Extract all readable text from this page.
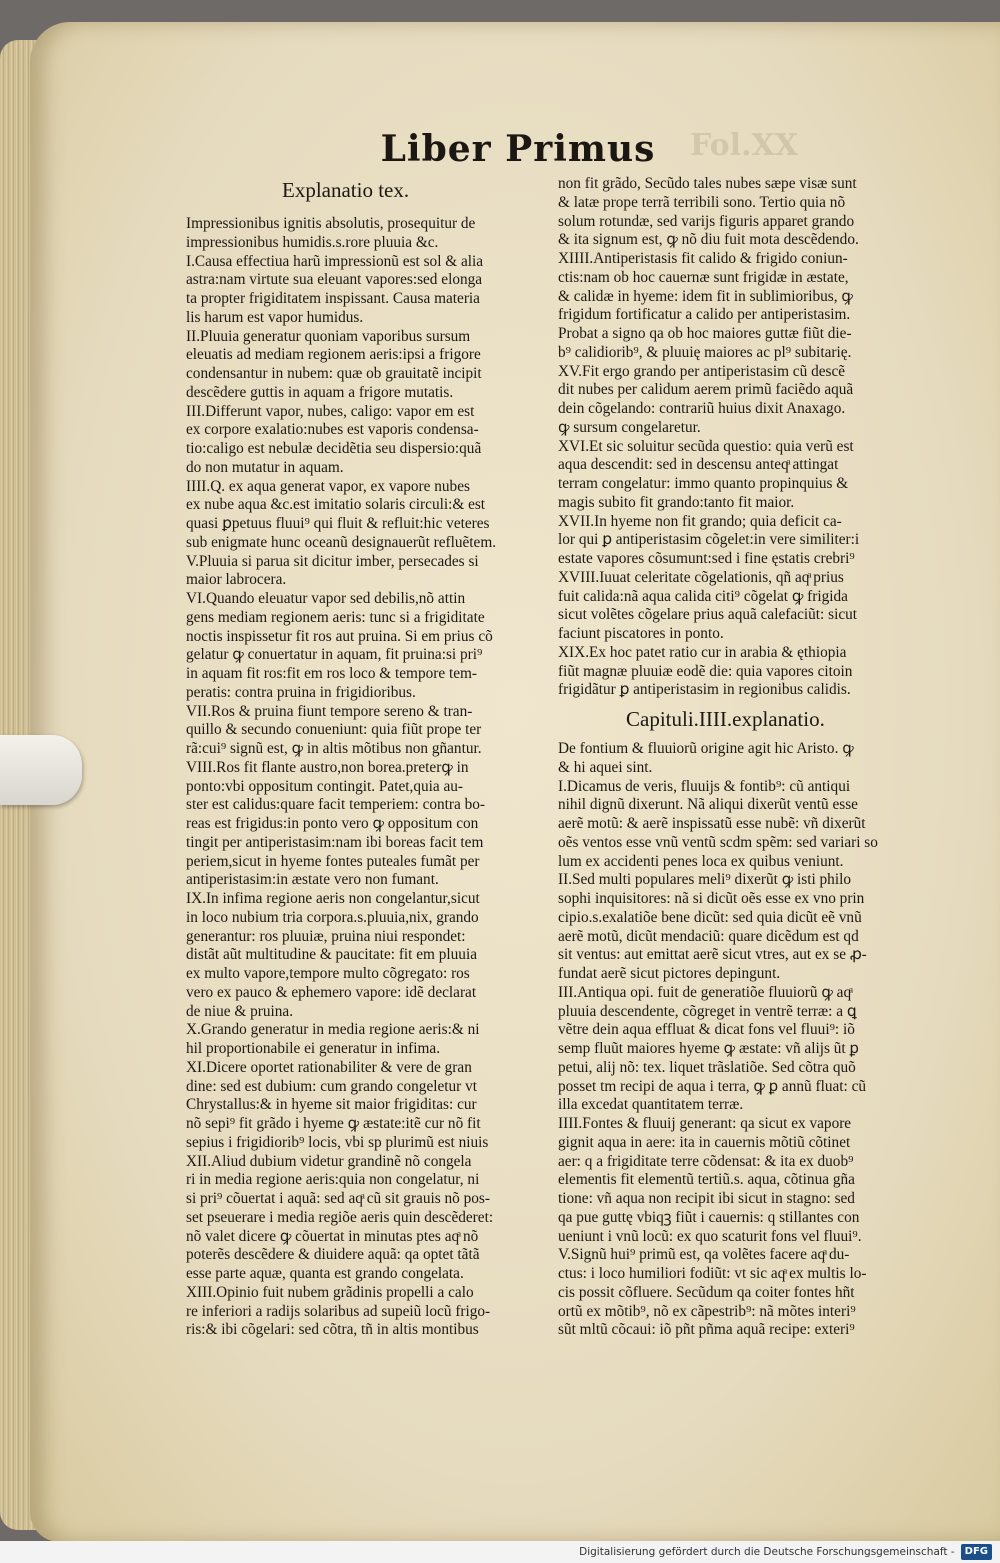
Fol.XX
Liber Primus
Explanatio tex.

Impressionibus ignitis absolutis, prosequitur de

impressionibus humidis.s.rore pluuia &c.

I.Causa effectiua harũ impressionũ est sol & alia

astra:nam virtute sua eleuant vapores:sed elonga

ta propter frigiditatem inspissant. Causa materia

lis harum est vapor humidus.

II.Pluuia generatur quoniam vaporibus sursum

eleuatis ad mediam regionem aeris:ipsi a frigore

condensantur in nubem: quæ ob grauitatẽ incipit

descẽdere guttis in aquam a frigore mutatis.

III.Differunt vapor, nubes, caligo: vapor em est

ex corpore exalatio:nubes est vaporis condensa-

tio:caligo est nebulæ decidẽtia seu dispersio:quã

do non mutatur in aquam.

IIII.Q. ex aqua generat vapor, ex vapore nubes

ex nube aqua &c.est imitatio solaris circuli:& est

quasi ꝑpetuus fluui⁹ qui fluit & refluit:hic veteres

sub enigmate hunc oceanũ designauerũt refluẽtem.

V.Pluuia si parua sit dicitur imber, persecades si

maior labrocera.

VI.Quando eleuatur vapor sed debilis,nõ attin

gens mediam regionem aeris: tunc si a frigiditate

noctis inspissetur fit ros aut pruina. Si em prius cõ

gelatur ꝙ conuertatur in aquam, fit pruina:si pri⁹

in aquam fit ros:fit em ros loco & tempore tem-

peratis: contra pruina in frigidioribus.

VII.Ros & pruina fiunt tempore sereno & tran-

quillo & secundo conueniunt: quia fiũt prope ter

rã:cui⁹ signũ est, ꝙ in altis mõtibus non gñantur.

VIII.Ros fit flante austro,non borea.preterꝙ in

ponto:vbi oppositum contingit. Patet,quia au-

ster est calidus:quare facit temperiem: contra bo-

reas est frigidus:in ponto vero ꝙ oppositum con

tingit per antiperistasim:nam ibi boreas facit tem

periem,sicut in hyeme fontes puteales fumãt per

antiperistasim:in æstate vero non fumant.

IX.In infima regione aeris non congelantur,sicut

in loco nubium tria corpora.s.pluuia,nix, grando

generantur: ros pluuiæ, pruina niui respondet:

distãt aũt multitudine & paucitate: fit em pluuia

ex multo vapore,tempore multo cõgregato: ros

vero ex pauco & ephemero vapore: idẽ declarat

de niue & pruina.

X.Grando generatur in media regione aeris:& ni

hil proportionabile ei generatur in infima.

XI.Dicere oportet rationabiliter & vere de gran

dine: sed est dubium: cum grando congeletur vt

Chrystallus:& in hyeme sit maior frigiditas: cur

nõ sepi⁹ fit grãdo i hyeme ꝙ æstate:itẽ cur nõ fit

sepius i frigidiorib⁹ locis, vbi sp plurimũ est niuis

XII.Aliud dubium videtur grandinẽ nõ congela

ri in media regione aeris:quia non congelatur, ni

si pri⁹ cõuertat i aquã: sed aqͣ cũ sit grauis nõ pos-

set pseuerare i media regiõe aeris quin descẽderet:

nõ valet dicere ꝙ cõuertat in minutas ptes aqͣ nõ

poterẽs descẽdere & diuidere aquã: qa optet tãtã

esse parte aquæ, quanta est grando congelata.

XIII.Opinio fuit nubem grãdinis propelli a calo

re inferiori a radijs solaribus ad supeiũ locũ frigo-

ris:& ibi cõgelari: sed cõtra, tñ in altis montibus

non fit grãdo, Secũdo tales nubes sæpe visæ sunt

& latæ prope terrã terribili sono. Tertio quia nõ

solum rotundæ, sed varijs figuris apparet grando

& ita signum est, ꝙ nõ diu fuit mota descẽdendo.

XIIII.Antiperistasis fit calido & frigido coniun-

ctis:nam ob hoc cauernæ sunt frigidæ in æstate,

& calidæ in hyeme: idem fit in sublimioribus, ꝙ

frigidum fortificatur a calido per antiperistasim.

Probat a signo qa ob hoc maiores guttæ fiũt die-

b⁹ calidiorib⁹, & pluuię maiores ac pl⁹ subitarię.

XV.Fit ergo grando per antiperistasim cũ descẽ

dit nubes per calidum aerem primũ faciẽdo aquã

dein cõgelando: contrariũ huius dixit Anaxago.

ꝙ sursum congelaretur.

XVI.Et sic soluitur secũda questio: quia verũ est

aqua descendit: sed in descensu anteqͣ attingat

terram congelatur: immo quanto propinquius &

magis subito fit grando:tanto fit maior.

XVII.In hyeme non fit grando; quia deficit ca-

lor qui ꝑ antiperistasim cõgelet:in vere similiter:i

estate vapores cõsumunt:sed i fine ęstatis crebri⁹

XVIII.Iuuat celeritate cõgelationis, qñ aqͣ prius

fuit calida:nã aqua calida citi⁹ cõgelat ꝙ frigida

sicut volẽtes cõgelare prius aquã calefaciũt: sicut

faciunt piscatores in ponto.

XIX.Ex hoc patet ratio cur in arabia & ęthiopia

fiũt magnæ pluuiæ eodẽ die: quia vapores citoin

frigidãtur ꝑ antiperistasim in regionibus calidis.

Capituli.IIII.explanatio.

De fontium & fluuiorũ origine agit hic Aristo. ꝙ

& hi aquei sint.

I.Dicamus de veris, fluuijs & fontib⁹: cũ antiqui

nihil dignũ dixerunt. Nã aliqui dixerũt ventũ esse

aerẽ motũ: & aerẽ inspissatũ esse nubẽ: vñ dixerũt

oẽs ventos esse vnũ ventũ scdm spẽm: sed variari so

lum ex accidenti penes loca ex quibus veniunt.

II.Sed multi populares meli⁹ dixerũt ꝙ isti philo

sophi inquisitores: nã si dicũt oẽs esse ex vno prin

cipio.s.exalatiõe bene dicũt: sed quia dicũt eẽ vnũ

aerẽ motũ, dicũt mendaciũ: quare dicẽdum est qd

sit ventus: aut emittat aerẽ sicut vtres, aut ex se ꝓ-

fundat aerẽ sicut pictores depingunt.

III.Antiqua opi. fuit de generatiõe fluuiorũ ꝙ aqͣ

pluuia descendente, cõgreget in ventrẽ terræ: a ꝗ

vẽtre dein aqua effluat & dicat fons vel fluui⁹: iõ

semp fluũt maiores hyeme ꝙ æstate: vñ alijs ũt ꝑ

petui, alij nõ: tex. liquet trãslatiõe. Sed cõtra quõ

posset tm recipi de aqua i terra, ꝙ ꝑ annũ fluat: cũ

illa excedat quantitatem terræ.

IIII.Fontes & fluuij generant: qa sicut ex vapore

gignit aqua in aere: ita in cauernis mõtiũ cõtinet

aer: q a frigiditate terre cõdensat: & ita ex duob⁹

elementis fit elementũ tertiũ.s. aqua, cõtinua gña

tione: vñ aqua non recipit ibi sicut in stagno: sed

qa pue guttę vbiqꝫ fiũt i cauernis: q stillantes con

ueniunt i vnũ locũ: ex quo scaturit fons vel fluui⁹.

V.Signũ hui⁹ primũ est, qa volẽtes facere aqͣ du-

ctus: i loco humiliori fodiũt: vt sic aqͣ ex multis lo-

cis possit cõfluere. Secũdum qa coiter fontes hñt

ortũ ex mõtib⁹, nõ ex cãpestrib⁹: nã mõtes interi⁹

sũt mltũ cõcaui: iõ pñt pñma aquã recipe: exteri⁹

Digitalisierung gefördert durch die Deutsche Forschungsgemeinschaft - DFG
